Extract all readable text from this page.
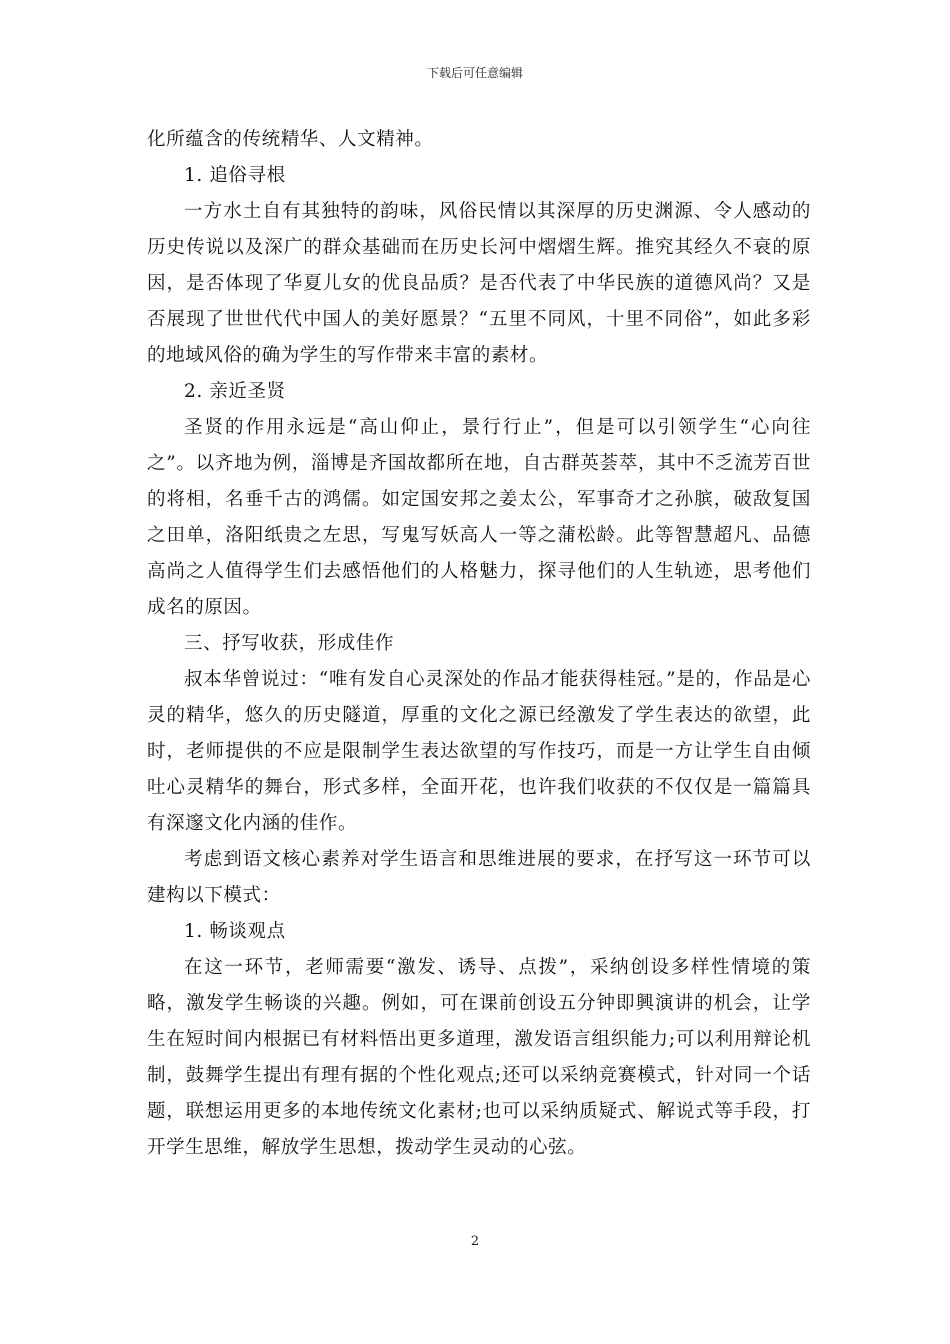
下载后可任意编辑

化所蕴含的传统精华、人文精神。

1. 追俗寻根

一方水土自有其独特的韵味，风俗民情以其深厚的历史渊源、令人感动的历史传说以及深广的群众基础而在历史长河中熠熠生辉。推究其经久不衰的原因，是否体现了华夏儿女的优良品质？是否代表了中华民族的道德风尚？又是否展现了世世代代中国人的美好愿景？“五里不同风，十里不同俗”，如此多彩的地域风俗的确为学生的写作带来丰富的素材。

2. 亲近圣贤

圣贤的作用永远是“高山仰止，景行行止”，但是可以引领学生“心向往之”。以齐地为例，淄博是齐国故都所在地，自古群英荟萃，其中不乏流芳百世的将相，名垂千古的鸿儒。如定国安邦之姜太公，军事奇才之孙膑，破敌复国之田单，洛阳纸贵之左思，写鬼写妖高人一等之蒲松龄。此等智慧超凡、品德高尚之人值得学生们去感悟他们的人格魅力，探寻他们的人生轨迹，思考他们成名的原因。

三、抒写收获，形成佳作

叔本华曾说过：“唯有发自心灵深处的作品才能获得桂冠。”是的，作品是心灵的精华，悠久的历史隧道，厚重的文化之源已经激发了学生表达的欲望，此时，老师提供的不应是限制学生表达欲望的写作技巧，而是一方让学生自由倾吐心灵精华的舞台，形式多样，全面开花，也许我们收获的不仅仅是一篇篇具有深邃文化内涵的佳作。

考虑到语文核心素养对学生语言和思维进展的要求，在抒写这一环节可以建构以下模式：

1. 畅谈观点

在这一环节，老师需要“激发、诱导、点拨”，采纳创设多样性情境的策略，激发学生畅谈的兴趣。例如，可在课前创设五分钟即興演讲的机会，让学生在短时间内根据已有材料悟出更多道理，激发语言组织能力;可以利用辩论机制，鼓舞学生提出有理有据的个性化观点;还可以采纳竞赛模式，针对同一个话题，联想运用更多的本地传统文化素材;也可以采纳质疑式、解说式等手段，打开学生思维，解放学生思想，拨动学生灵动的心弦。

2
